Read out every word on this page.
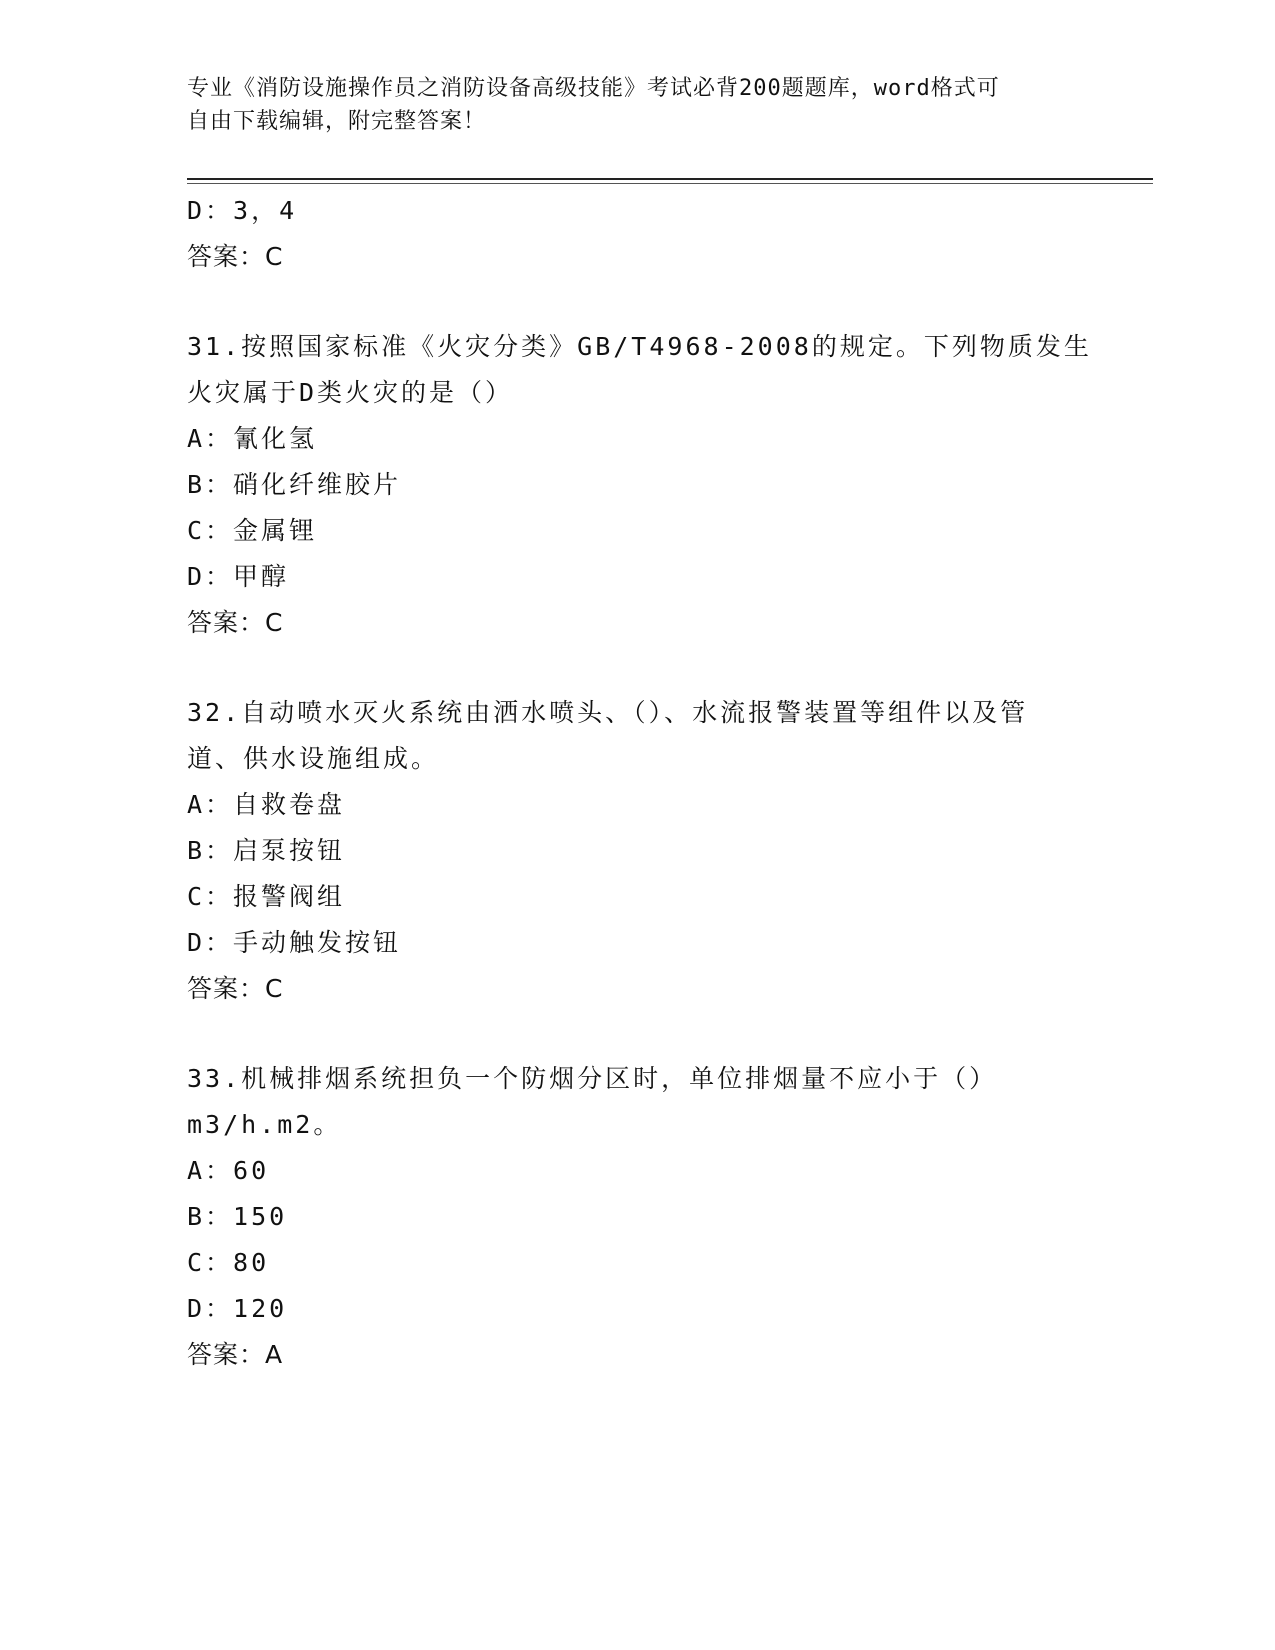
专业《消防设施操作员之消防设备高级技能》考试必背200题题库，word格式可
自由下载编辑，附完整答案！
D：3，4
答案：C
31.按照国家标准《火灾分类》GB/T4968-2008的规定。下列物质发生
火灾属于D类火灾的是（）
A：氰化氢
B：硝化纤维胶片
C：金属锂
D：甲醇
答案：C
32.自动喷水灭火系统由洒水喷头、（）、水流报警装置等组件以及管
道、供水设施组成。
A：自救卷盘
B：启泵按钮
C：报警阀组
D：手动触发按钮
答案：C
33.机械排烟系统担负一个防烟分区时，单位排烟量不应小于（）
m3/h.m2。
A：60
B：150
C：80
D：120
答案：A
